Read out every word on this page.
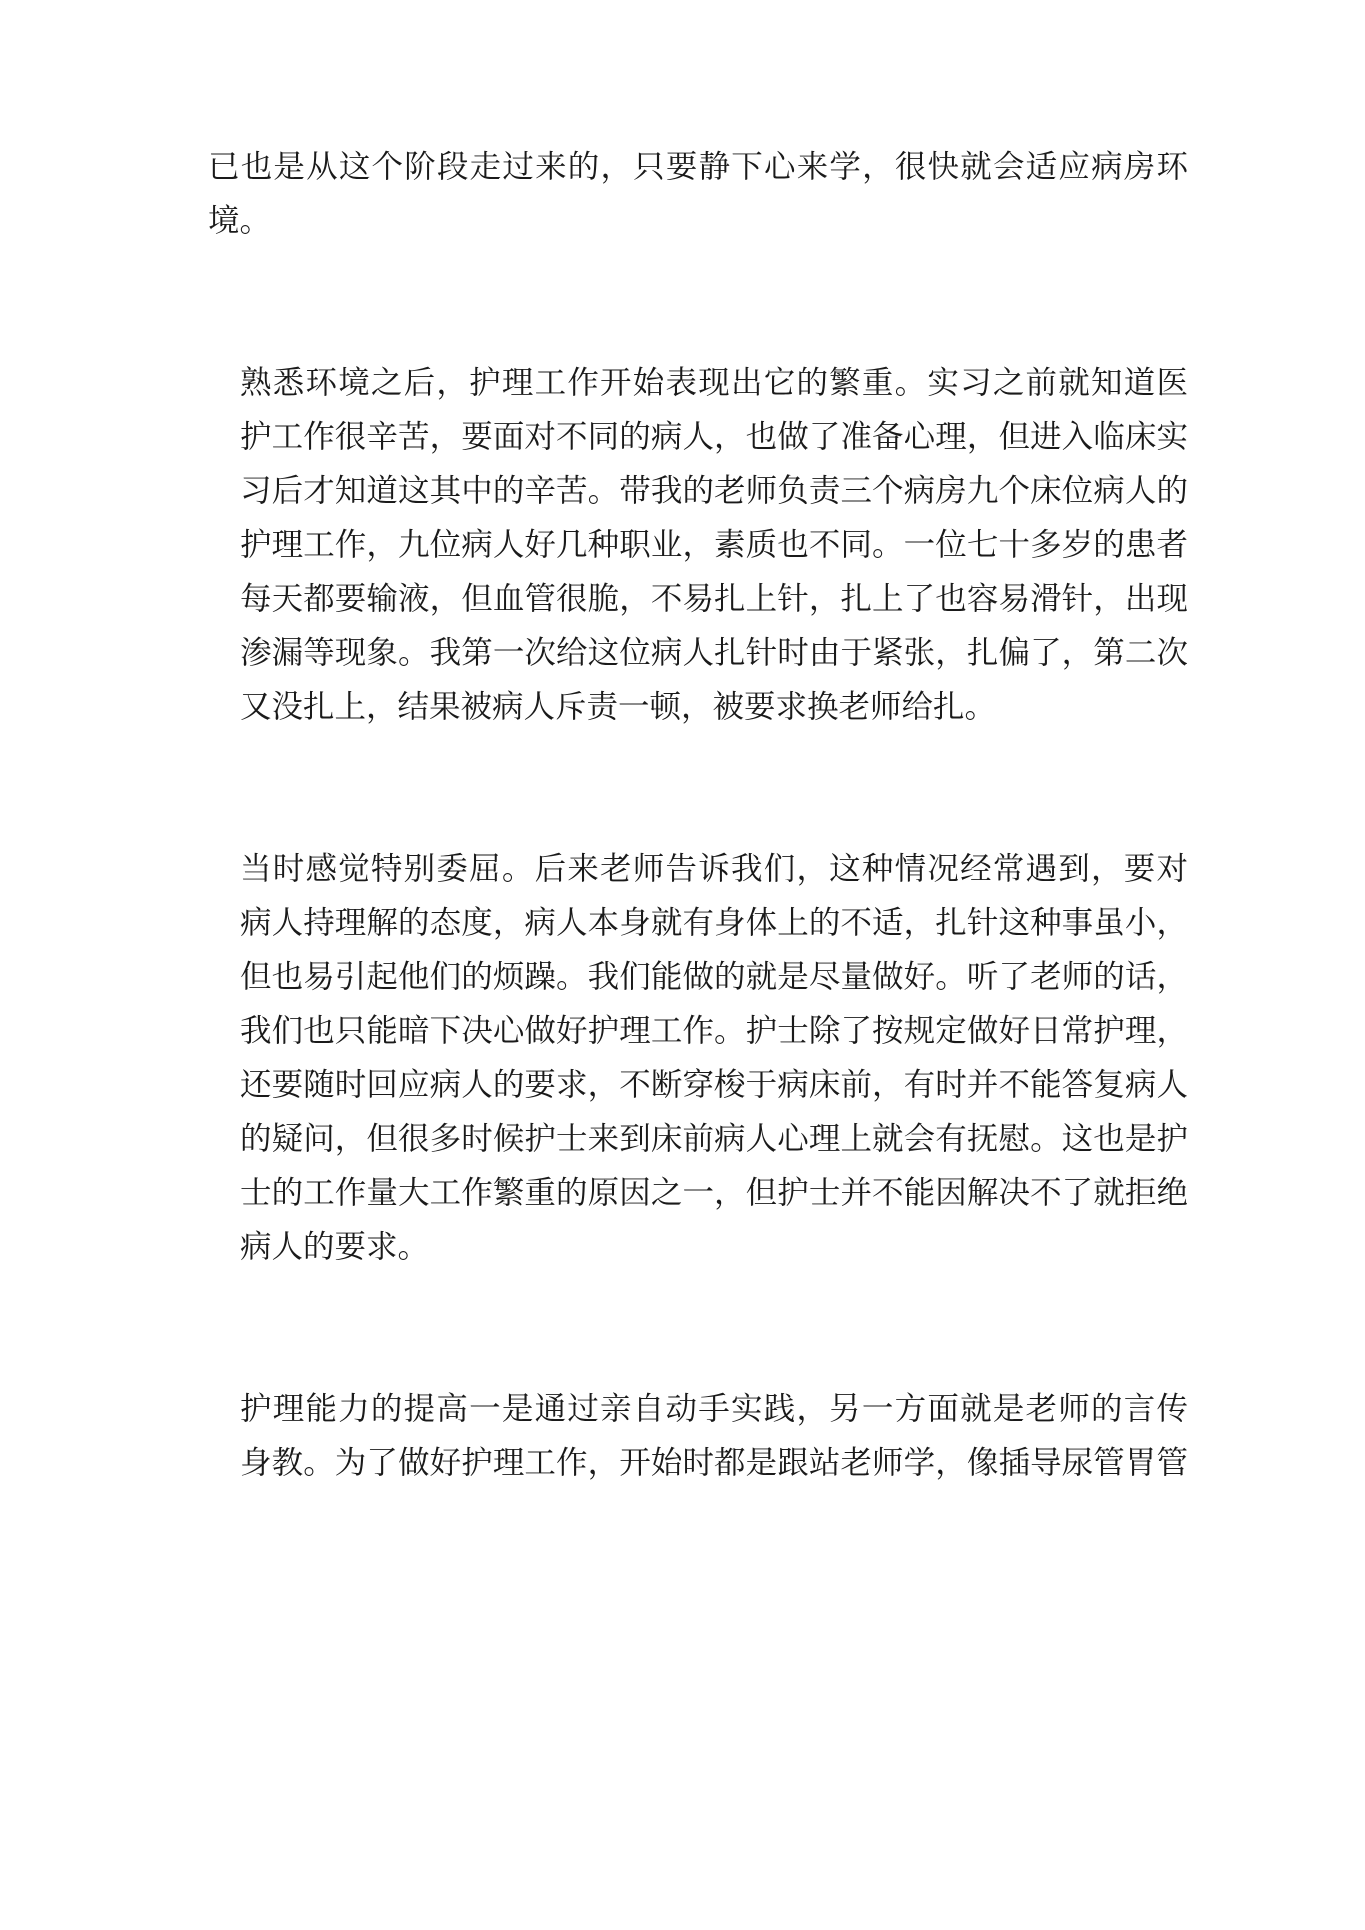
已也是从这个阶段走过来的，只要静下心来学，很快就会适应病房环
境。
熟悉环境之后，护理工作开始表现出它的繁重。实习之前就知道医
护工作很辛苦，要面对不同的病人，也做了准备心理，但进入临床实
习后才知道这其中的辛苦。带我的老师负责三个病房九个床位病人的
护理工作，九位病人好几种职业，素质也不同。一位七十多岁的患者
每天都要输液，但血管很脆，不易扎上针，扎上了也容易滑针，出现
渗漏等现象。我第一次给这位病人扎针时由于紧张，扎偏了，第二次
又没扎上，结果被病人斥责一顿，被要求换老师给扎。
当时感觉特别委屈。后来老师告诉我们，这种情况经常遇到，要对
病人持理解的态度，病人本身就有身体上的不适，扎针这种事虽小，
但也易引起他们的烦躁。我们能做的就是尽量做好。听了老师的话，
我们也只能暗下决心做好护理工作。护士除了按规定做好日常护理，
还要随时回应病人的要求，不断穿梭于病床前，有时并不能答复病人
的疑问，但很多时候护士来到床前病人心理上就会有抚慰。这也是护
士的工作量大工作繁重的原因之一，但护士并不能因解决不了就拒绝
病人的要求。
护理能力的提高一是通过亲自动手实践，另一方面就是老师的言传
身教。为了做好护理工作，开始时都是跟站老师学，像插导尿管胃管
